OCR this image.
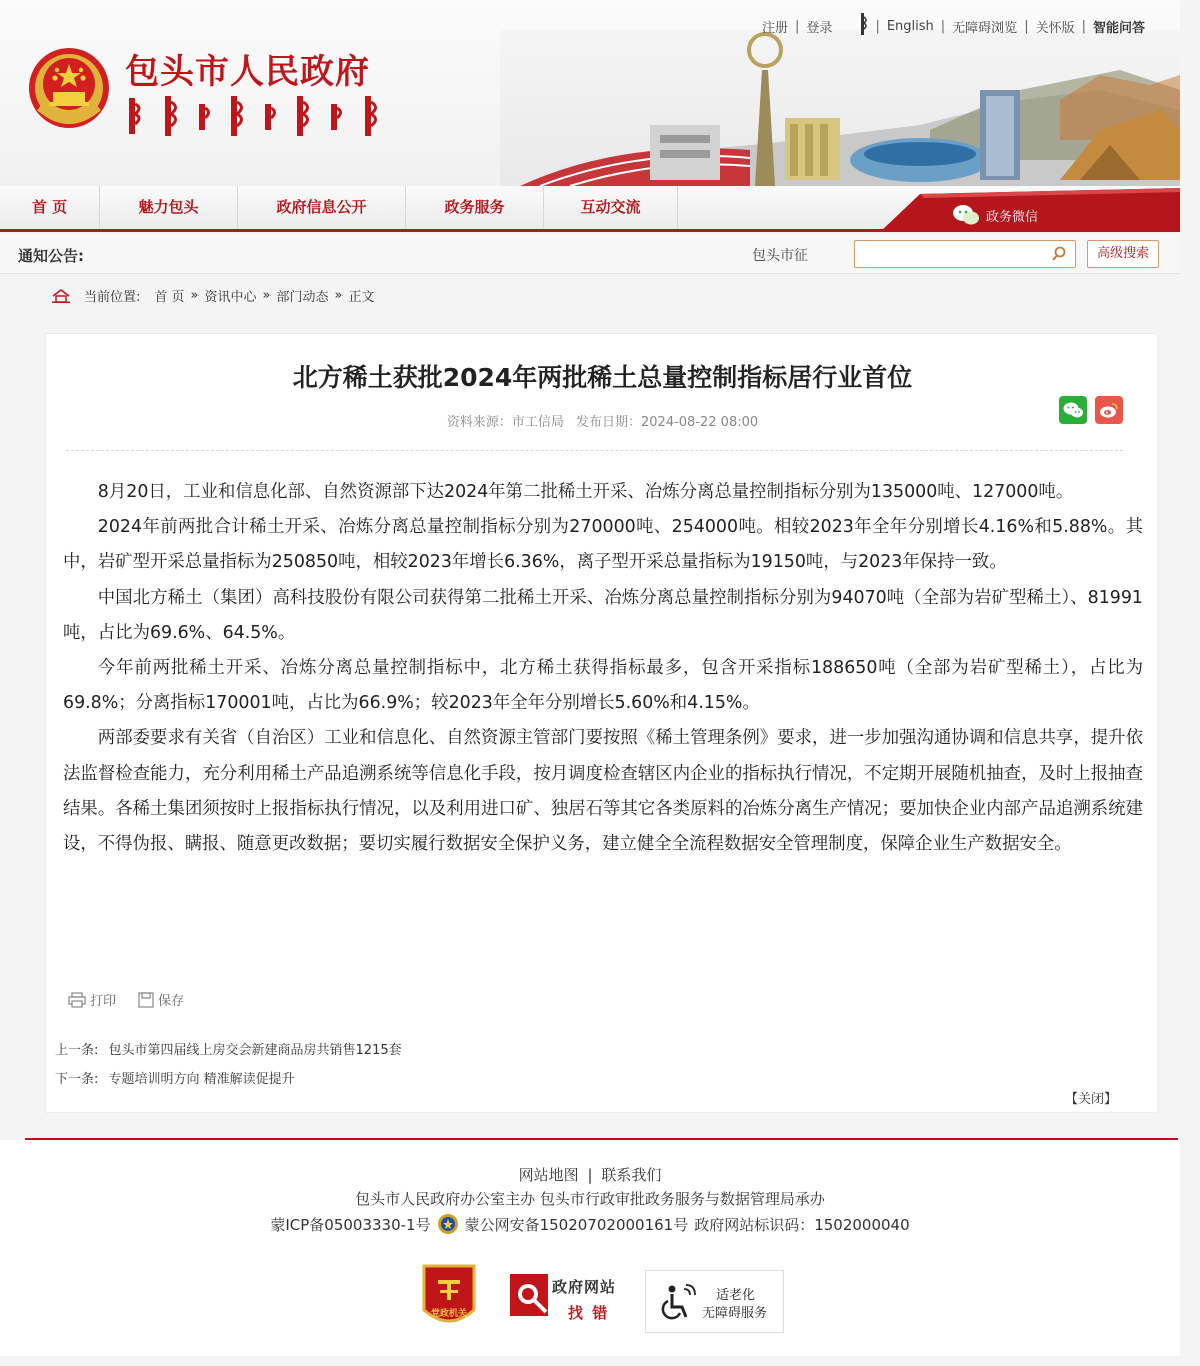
包头市人民政府
注册 | 登录	| English | 无障碍浏览 | 关怀版 | 智能问答
首 页	魅力包头	政府信息公开	政务服务	互动交流
政务微信
通知公告:	包头市征	高级搜索
当前位置: 首 页 » 资讯中心 » 部门动态 » 正文
北方稀土获批2024年两批稀土总量控制指标居行业首位
资料来源：市工信局 发布日期：2024-08-22 08:00

8月20日，工业和信息化部、自然资源部下达2024年第二批稀土开采、冶炼分离总量控制指标分别为135000吨、127000吨。

2024年前两批合计稀土开采、冶炼分离总量控制指标分别为270000吨、254000吨。相较2023年全年分别增长4.16%和5.88%。其中，岩矿型开采总量指标为250850吨，相较2023年增长6.36%，离子型开采总量指标为19150吨，与2023年保持一致。

中国北方稀土（集团）高科技股份有限公司获得第二批稀土开采、冶炼分离总量控制指标分别为94070吨（全部为岩矿型稀土）、81991吨，占比为69.6%、64.5%。

今年前两批稀土开采、冶炼分离总量控制指标中，北方稀土获得指标最多，包含开采指标188650吨（全部为岩矿型稀土），占比为69.8%；分离指标170001吨，占比为66.9%；较2023年全年分别增长5.60%和4.15%。

两部委要求有关省（自治区）工业和信息化、自然资源主管部门要按照《稀土管理条例》要求，进一步加强沟通协调和信息共享，提升依法监督检查能力，充分利用稀土产品追溯系统等信息化手段，按月调度检查辖区内企业的指标执行情况，不定期开展随机抽查，及时上报抽查结果。各稀土集团须按时上报指标执行情况，以及利用进口矿、独居石等其它各类原料的冶炼分离生产情况；要加快企业内部产品追溯系统建设，不得伪报、瞒报、随意更改数据；要切实履行数据安全保护义务，建立健全全流程数据安全管理制度，保障企业生产数据安全。

打印	保存
上一条: 包头市第四届线上房交会新建商品房共销售1215套
下一条: 专题培训明方向 精准解读促提升
【关闭】
网站地图 | 联系我们
包头市人民政府办公室主办 包头市行政审批政务服务与数据管理局承办
蒙ICP备05003330-1号 蒙公网安备15020702000161号 政府网站标识码：1502000040
党政机关
政府网站
找 错
适老化
无障碍服务
